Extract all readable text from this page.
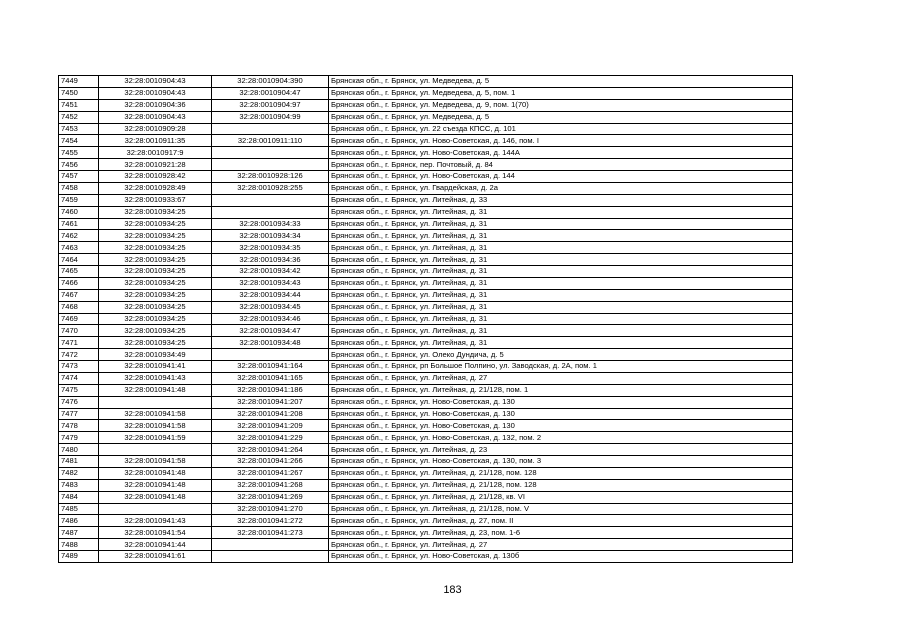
7449	32:28:0010904:43	32:28:0010904:390	Брянская обл., г. Брянск, ул. Медведева, д. 5
7450	32:28:0010904:43	32:28:0010904:47	Брянская обл., г. Брянск, ул. Медведева, д. 5, пом. 1
7451	32:28:0010904:36	32:28:0010904:97	Брянская обл., г. Брянск, ул. Медведева, д. 9, пом. 1(70)
7452	32:28:0010904:43	32:28:0010904:99	Брянская обл., г. Брянск, ул. Медведева, д. 5
7453	32:28:0010909:28		Брянская обл., г. Брянск, ул. 22 съезда КПСС, д. 101
7454	32:28:0010911:35	32:28:0010911:110	Брянская обл., г. Брянск, ул. Ново-Советская, д. 146, пом. I
7455	32:28:0010917:9		Брянская обл., г. Брянск, ул. Ново-Советская, д. 144А
7456	32:28:0010921:28		Брянская обл., г. Брянск, пер. Почтовый, д. 84
7457	32:28:0010928:42	32:28:0010928:126	Брянская обл., г. Брянск, ул. Ново-Советская, д. 144
7458	32:28:0010928:49	32:28:0010928:255	Брянская обл., г. Брянск, ул. Гвардейская, д. 2а
7459	32:28:0010933:67		Брянская обл., г. Брянск, ул. Литейная, д. 33
7460	32:28:0010934:25		Брянская обл., г. Брянск, ул. Литейная, д. 31
7461	32:28:0010934:25	32:28:0010934:33	Брянская обл., г. Брянск, ул. Литейная, д. 31
7462	32:28:0010934:25	32:28:0010934:34	Брянская обл., г. Брянск, ул. Литейная, д. 31
7463	32:28:0010934:25	32:28:0010934:35	Брянская обл., г. Брянск, ул. Литейная, д. 31
7464	32:28:0010934:25	32:28:0010934:36	Брянская обл., г. Брянск, ул. Литейная, д. 31
7465	32:28:0010934:25	32:28:0010934:42	Брянская обл., г. Брянск, ул. Литейная, д. 31
7466	32:28:0010934:25	32:28:0010934:43	Брянская обл., г. Брянск, ул. Литейная, д. 31
7467	32:28:0010934:25	32:28:0010934:44	Брянская обл., г. Брянск, ул. Литейная, д. 31
7468	32:28:0010934:25	32:28:0010934:45	Брянская обл., г. Брянск, ул. Литейная, д. 31
7469	32:28:0010934:25	32:28:0010934:46	Брянская обл., г. Брянск, ул. Литейная, д. 31
7470	32:28:0010934:25	32:28:0010934:47	Брянская обл., г. Брянск, ул. Литейная, д. 31
7471	32:28:0010934:25	32:28:0010934:48	Брянская обл., г. Брянск, ул. Литейная, д. 31
7472	32:28:0010934:49		Брянская обл., г. Брянск, ул. Олеко Дундича, д. 5
7473	32:28:0010941:41	32:28:0010941:164	Брянская обл., г. Брянск, рп Большое Полпино, ул. Заводская, д. 2А, пом. 1
7474	32:28:0010941:43	32:28:0010941:165	Брянская обл., г. Брянск, ул. Литейная, д. 27
7475	32:28:0010941:48	32:28:0010941:186	Брянская обл., г. Брянск, ул. Литейная, д. 21/128, пом. 1
7476		32:28:0010941:207	Брянская обл., г. Брянск, ул. Ново-Советская, д. 130
7477	32:28:0010941:58	32:28:0010941:208	Брянская обл., г. Брянск, ул. Ново-Советская, д. 130
7478	32:28:0010941:58	32:28:0010941:209	Брянская обл., г. Брянск, ул. Ново-Советская, д. 130
7479	32:28:0010941:59	32:28:0010941:229	Брянская обл., г. Брянск, ул. Ново-Советская, д. 132, пом. 2
7480		32:28:0010941:264	Брянская обл., г. Брянск, ул. Литейная, д. 23
7481	32:28:0010941:58	32:28:0010941:266	Брянская обл., г. Брянск, ул. Ново-Советская, д. 130, пом. 3
7482	32:28:0010941:48	32:28:0010941:267	Брянская обл., г. Брянск, ул. Литейная, д. 21/128, пом. 128
7483	32:28:0010941:48	32:28:0010941:268	Брянская обл., г. Брянск, ул. Литейная, д. 21/128, пом. 128
7484	32:28:0010941:48	32:28:0010941:269	Брянская обл., г. Брянск, ул. Литейная, д. 21/128, кв. VI
7485		32:28:0010941:270	Брянская обл., г. Брянск, ул. Литейная, д. 21/128, пом. V
7486	32:28:0010941:43	32:28:0010941:272	Брянская обл., г. Брянск, ул. Литейная, д. 27, пом. II
7487	32:28:0010941:54	32:28:0010941:273	Брянская обл., г. Брянск, ул. Литейная, д. 23, пом. 1-6
7488	32:28:0010941:44		Брянская обл., г. Брянск, ул. Литейная, д. 27
7489	32:28:0010941:61		Брянская обл., г. Брянск, ул. Ново-Советская, д. 130б
183
